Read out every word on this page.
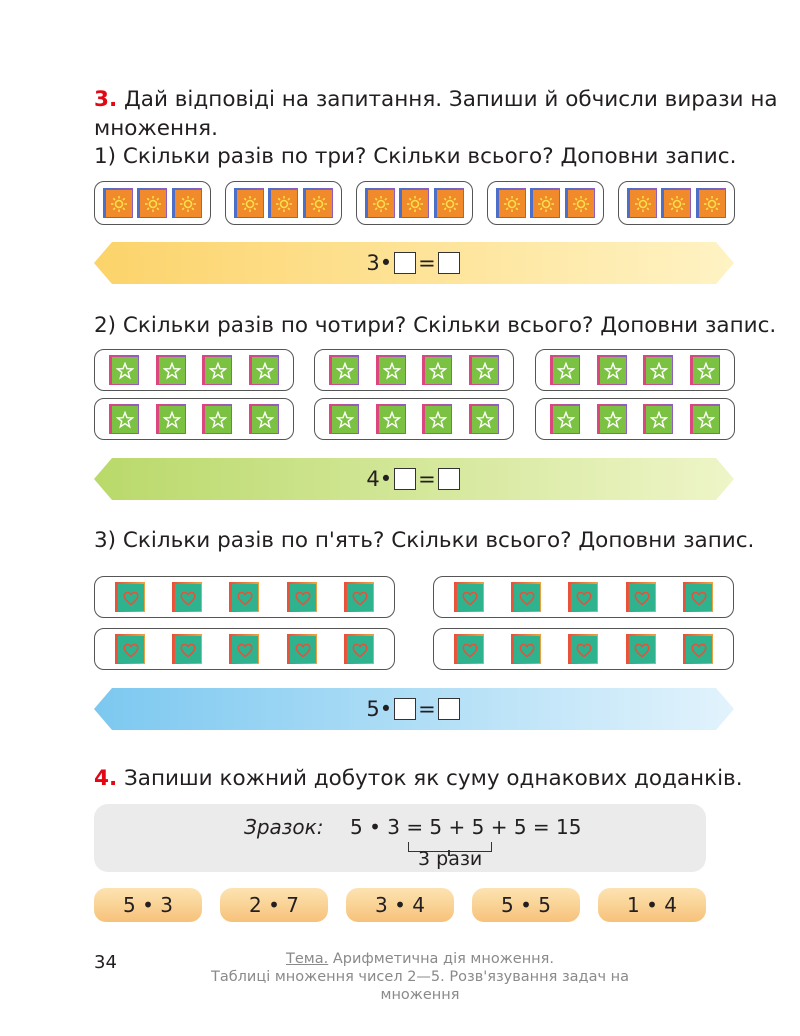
3. Дай відповіді на запитання. Запиши й обчисли вирази на
множення.
1) Скільки разів по три? Скільки всього? Доповни запис.
3 • =
2) Скільки разів по чотири? Скільки всього? Доповни запис.
4 • =
3) Скільки разів по п'ять? Скільки всього? Доповни запис.
5 • =
4. Запиши кожний добуток як суму однакових доданків.
Зразок: 5 • 3 = 5 + 5 + 5 = 15
3 рази
5 • 3	2 • 7	3 • 4	5 • 5	1 • 4
34	Тема. Арифметична дія множення.
Таблиці множення чисел 2—5. Розв'язування задач на множення
